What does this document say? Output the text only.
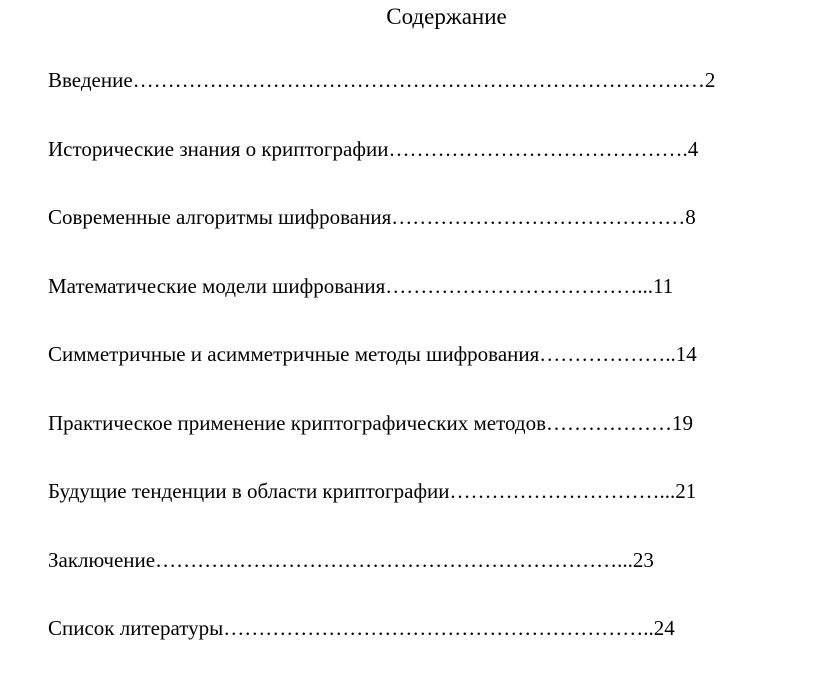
Содержание
Введение…………………………………………………………………….…2
Исторические знания о криптографии…………………………………….4
Современные алгоритмы шифрования……………………………………8
Математические модели шифрования………………………………...11
Симметричные и асимметричные методы шифрования………………..14
Практическое применение криптографических методов………………19
Будущие тенденции в области криптографии…………………………...21
Заключение…………………………………………………………...23
Список литературы……………………………………………………..24
